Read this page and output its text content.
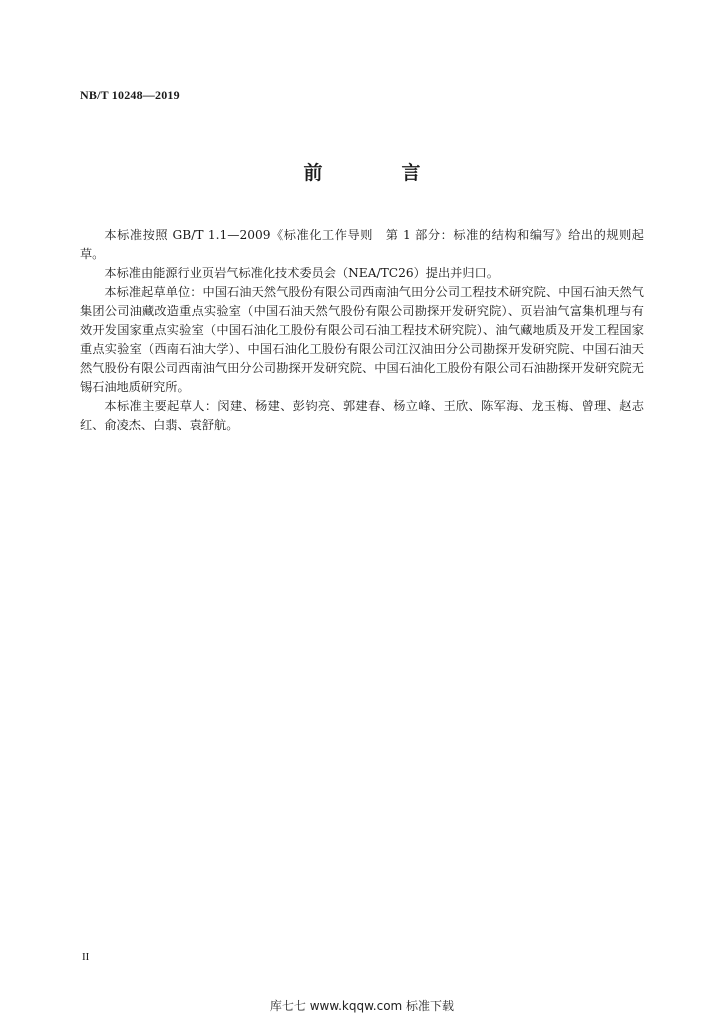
NB/T 10248—2019
前　言

本标准按照 GB/T 1.1—2009《标准化工作导则　第 1 部分：标准的结构和编写》给出的规则起草。

本标准由能源行业页岩气标准化技术委员会（NEA/TC26）提出并归口。

本标准起草单位：中国石油天然气股份有限公司西南油气田分公司工程技术研究院、中国石油天然气集团公司油藏改造重点实验室（中国石油天然气股份有限公司勘探开发研究院）、页岩油气富集机理与有效开发国家重点实验室（中国石油化工股份有限公司石油工程技术研究院）、油气藏地质及开发工程国家重点实验室（西南石油大学）、中国石油化工股份有限公司江汉油田分公司勘探开发研究院、中国石油天然气股份有限公司西南油气田分公司勘探开发研究院、中国石油化工股份有限公司石油勘探开发研究院无锡石油地质研究所。

本标准主要起草人：闵建、杨建、彭钧亮、郭建春、杨立峰、王欣、陈军海、龙玉梅、曾理、赵志红、俞凌杰、白翡、袁舒航。

II
库七七 www.kqqw.com 标准下载
